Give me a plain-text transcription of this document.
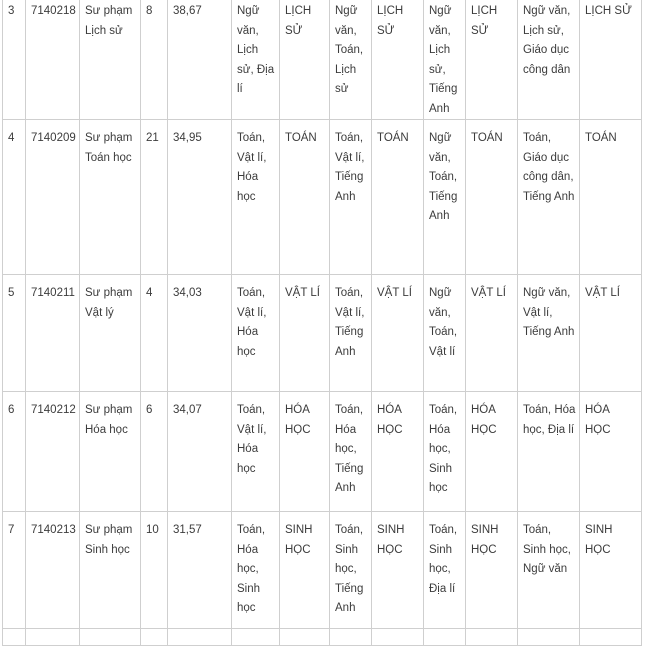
3	7140218	Sư phạm Lịch sử	8	38,67	Ngữ văn, Lịch sử, Địa lí	LỊCH SỬ	Ngữ văn, Toán, Lịch sử	LỊCH SỬ	Ngữ văn, Lịch sử, Tiếng Anh	LỊCH SỬ	Ngữ văn, Lịch sử, Giáo dục công dân	LỊCH SỬ
4	7140209	Sư phạm Toán học	21	34,95	Toán, Vật lí, Hóa học	TOÁN	Toán, Vật lí, Tiếng Anh	TOÁN	Ngữ văn, Toán, Tiếng Anh	TOÁN	Toán, Giáo dục công dân, Tiếng Anh	TOÁN
5	7140211	Sư phạm Vật lý	4	34,03	Toán, Vật lí, Hóa học	VẬT LÍ	Toán, Vật lí, Tiếng Anh	VẬT LÍ	Ngữ văn, Toán, Vật lí	VẬT LÍ	Ngữ văn, Vật lí, Tiếng Anh	VẬT LÍ
6	7140212	Sư phạm Hóa học	6	34,07	Toán, Vật lí, Hóa học	HÓA HỌC	Toán, Hóa học, Tiếng Anh	HÓA HỌC	Toán, Hóa học, Sinh học	HÓA HỌC	Toán, Hóa học, Địa lí	HÓA HỌC
7	7140213	Sư phạm Sinh học	10	31,57	Toán, Hóa học, Sinh học	SINH HỌC	Toán, Sinh học, Tiếng Anh	SINH HỌC	Toán, Sinh học, Địa lí	SINH HỌC	Toán, Sinh học, Ngữ văn	SINH HỌC
